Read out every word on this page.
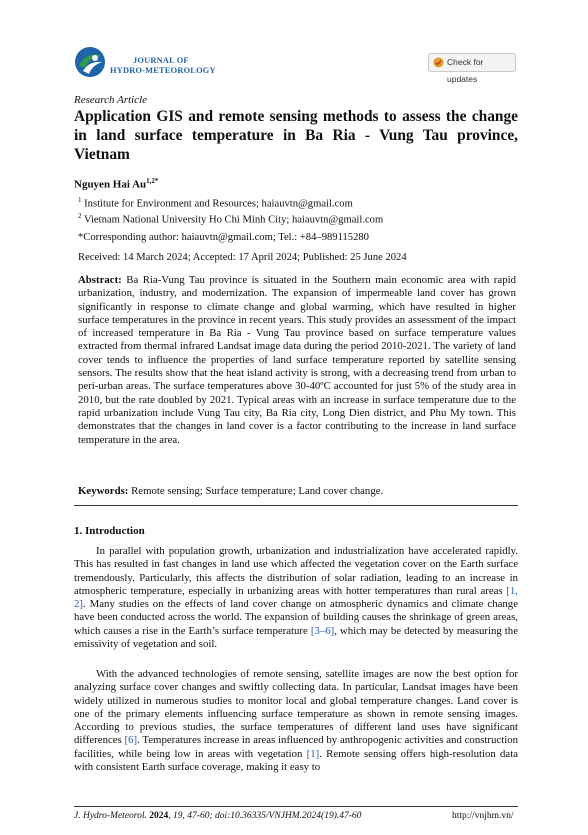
JOURNAL OF
HYDRO-METEOROLOGY
Check for updates
Research Article
Application GIS and remote sensing methods to assess the change in land surface temperature in Ba Ria - Vung Tau province, Vietnam
Nguyen Hai $Au^{1,2*}$
$^1$ Institute for Environment and Resources; haiauvtn@gmail.com
$^2$ Vietnam National University Ho Chi Minh City; haiauvtn@gmail.com
*Corresponding author: haiauvtn@gmail.com; Tel.: +84–989115280
Received: 14 March 2024; Accepted: 17 April 2024; Published: 25 June 2024
Abstract: Ba Ria-Vung Tau province is situated in the Southern main economic area with rapid urbanization, industry, and modernization. The expansion of impermeable land cover has grown significantly in response to climate change and global warming, which have resulted in higher surface temperatures in the province in recent years. This study provides an assessment of the impact of increased temperature in Ba Ria - Vung Tau province based on surface temperature values extracted from thermal infrared Landsat image data during the period 2010-2021. The variety of land cover tends to influence the properties of land surface temperature reported by satellite sensing sensors. The results show that the heat island activity is strong, with a decreasing trend from urban to peri-urban areas. The surface temperatures above 30-40ºC accounted for just 5% of the study area in 2010, but the rate doubled by 2021. Typical areas with an increase in surface temperature due to the rapid urbanization include Vung Tau city, Ba Ria city, Long Dien district, and Phu My town. This demonstrates that the changes in land cover is a factor contributing to the increase in land surface temperature in the area.
Keywords: Remote sensing; Surface temperature; Land cover change.
1. Introduction

In parallel with population growth, urbanization and industrialization have accelerated rapidly. This has resulted in fast changes in land use which affected the vegetation cover on the Earth surface tremendously. Particularly, this affects the distribution of solar radiation, leading to an increase in atmospheric temperature, especially in urbanizing areas with hotter temperatures than rural areas [1, 2]. Many studies on the effects of land cover change on atmospheric dynamics and climate change have been conducted across the world. The expansion of building causes the shrinkage of green areas, which causes a rise in the Earth’s surface temperature [3–6], which may be detected by measuring the emissivity of vegetation and soil.

With the advanced technologies of remote sensing, satellite images are now the best option for analyzing surface cover changes and swiftly collecting data. In particular, Landsat images have been widely utilized in numerous studies to monitor local and global temperature changes. Land cover is one of the primary elements influencing surface temperature as shown in remote sensing images. According to previous studies, the surface temperatures of different land uses have significant differences [6]. Temperatures increase in areas influenced by anthropogenic activities and construction facilities, while being low in areas with vegetation [1]. Remote sensing offers high-resolution data with consistent Earth surface coverage, making it easy to

J. Hydro-Meteorol. 2024, 19, 47-60; doi:10.36335/VNJHM.2024(19).47-60	http://vnjhm.vn/
